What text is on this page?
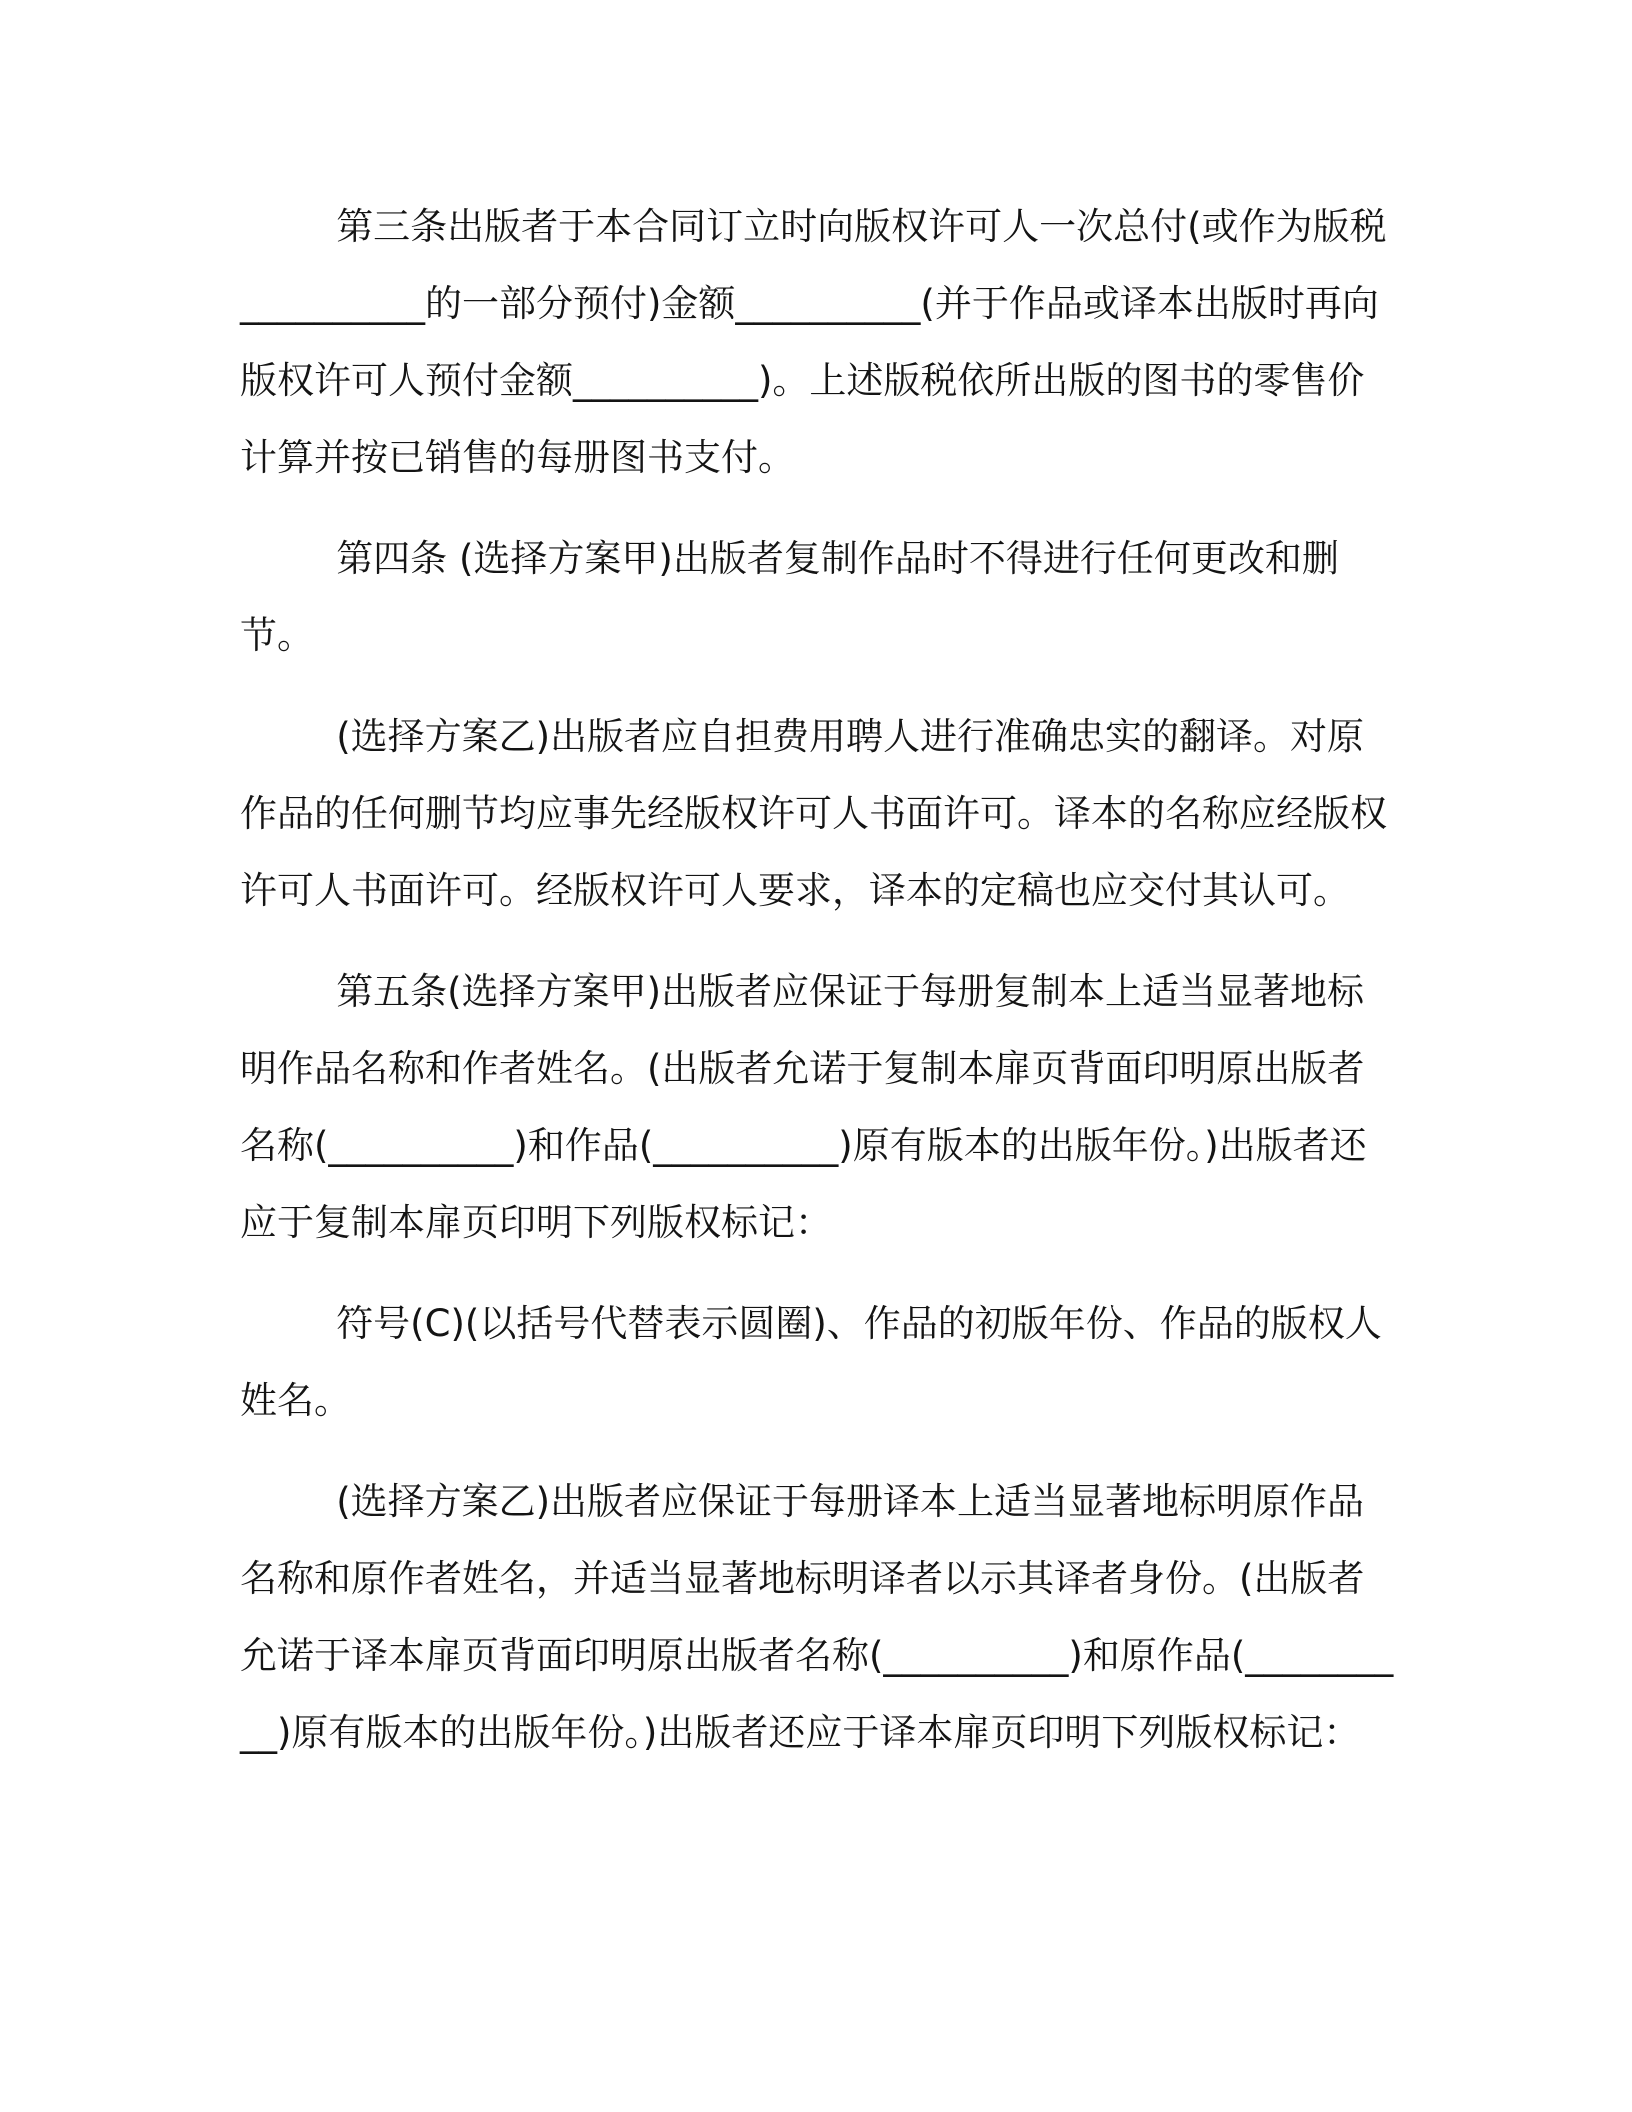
第三条出版者于本合同订立时向版权许可人一次总付(或作为版税__________的一部分预付)金额__________(并于作品或译本出版时再向版权许可人预付金额__________)。上述版税依所出版的图书的零售价计算并按已销售的每册图书支付。

第四条 (选择方案甲)出版者复制作品时不得进行任何更改和删节。

(选择方案乙)出版者应自担费用聘人进行准确忠实的翻译。对原作品的任何删节均应事先经版权许可人书面许可。译本的名称应经版权许可人书面许可。经版权许可人要求，译本的定稿也应交付其认可。

第五条(选择方案甲)出版者应保证于每册复制本上适当显著地标明作品名称和作者姓名。(出版者允诺于复制本扉页背面印明原出版者名称(__________)和作品(__________)原有版本的出版年份。)出版者还应于复制本扉页印明下列版权标记：

符号(C)(以括号代替表示圆圈)、作品的初版年份、作品的版权人姓名。

(选择方案乙)出版者应保证于每册译本上适当显著地标明原作品名称和原作者姓名，并适当显著地标明译者以示其译者身份。(出版者允诺于译本扉页背面印明原出版者名称(__________)和原作品(__________)原有版本的出版年份。)出版者还应于译本扉页印明下列版权标记：
